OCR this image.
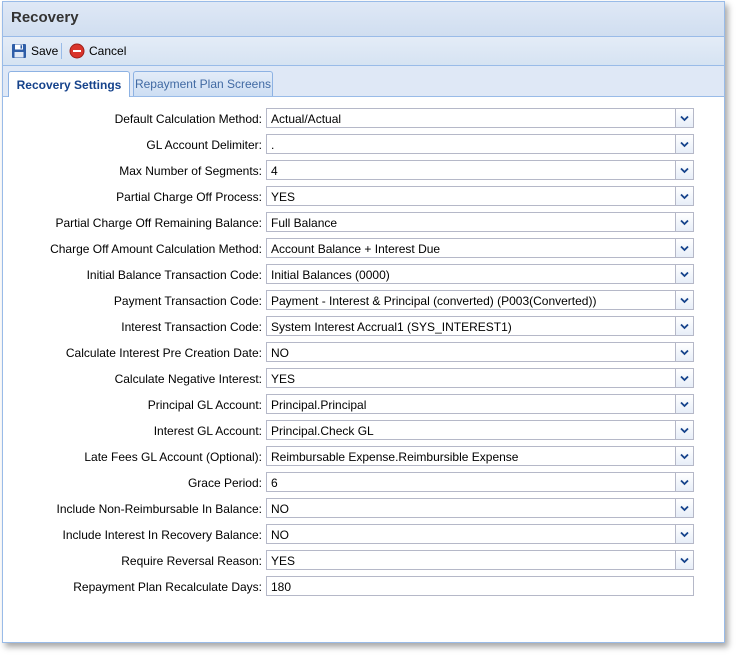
Recovery
Save	Cancel
Recovery Settings	Repayment Plan Screens
Default Calculation Method: Actual/Actual
GL Account Delimiter: .
Max Number of Segments: 4
Partial Charge Off Process: YES
Partial Charge Off Remaining Balance: Full Balance
Charge Off Amount Calculation Method: Account Balance + Interest Due
Initial Balance Transaction Code: Initial Balances (0000)
Payment Transaction Code: Payment - Interest & Principal (converted) (P003(Converted))
Interest Transaction Code: System Interest Accrual1 (SYS_INTEREST1)
Calculate Interest Pre Creation Date: NO
Calculate Negative Interest: YES
Principal GL Account: Principal.Principal
Interest GL Account: Principal.Check GL
Late Fees GL Account (Optional): Reimbursable Expense.Reimbursible Expense
Grace Period: 6
Include Non-Reimbursable In Balance: NO
Include Interest In Recovery Balance: NO
Require Reversal Reason: YES
Repayment Plan Recalculate Days: 180
